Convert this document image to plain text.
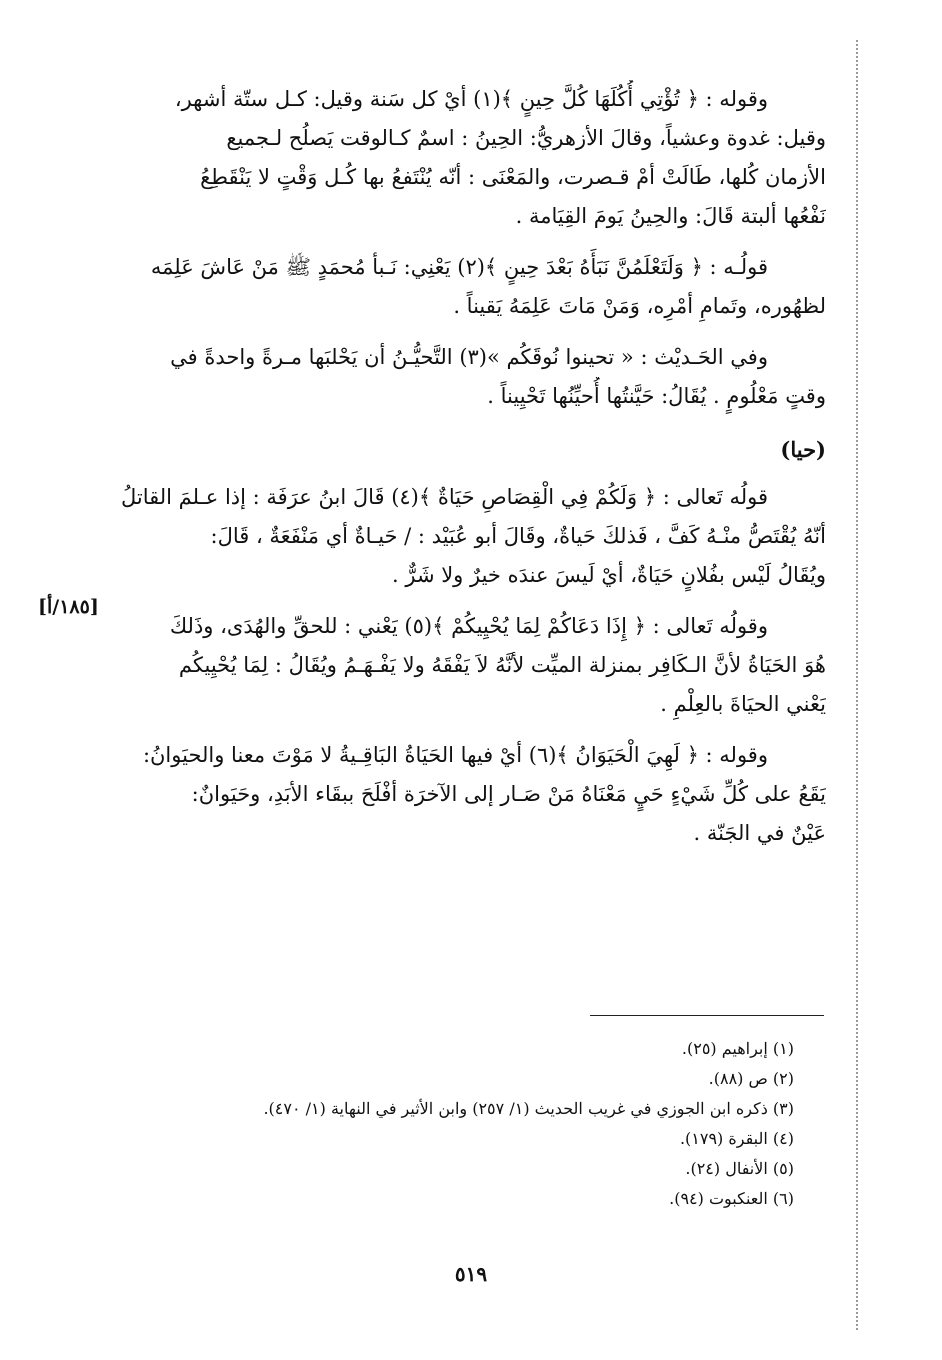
وقوله : ﴿ تُؤْتِي أُكُلَهَا كُلَّ حِينٍ ﴾(١) أيْ كل سَنة وقيل: كـل ستّة أشهر،
وقيل: غدوة وعشياً، وقالَ الأزهريُّ: الحِينُ : اسمٌ كـالوقت يَصلُح لـجميع
الأزمان كُلها، طَالَتْ أمْ قـصرت، والمَعْنَى : أنّه يُنْتَفعُ بها كُـل وَقْتٍ لا يَنْقَطِعُ
نَفْعُها ألبتة قَالَ: والحِينُ يَومَ القِيَامة .
قولُـه : ﴿ وَلَتَعْلَمُنَّ نَبَأَهُ بَعْدَ حِينٍ ﴾(٢) يَعْنِي: نَـبأ مُحمَدٍ ﷺ مَنْ عَاشَ عَلِمَه
لظهُوره، وتَمامِ أمْرِه، وَمَنْ مَاتَ عَلِمَهُ يَقيناً .
وفي الحَـديْث : « تحينوا نُوقَكُم »(٣) التَّحيُّـنُ أن يَحْلبَها مـرةً واحدةً في
وقتٍ مَعْلُومٍ . يُقَالُ: حَيَّنتُها أُحيِّنُها تَحْيِيناً .
(حيا)
قولُه تَعالى : ﴿ وَلَكُمْ فِي الْقِصَاصِ حَيَاةٌ ﴾(٤) قَالَ ابنُ عرَفَة : إذا عـلمَ القاتلُ
أنّهُ يُقْتَصُّ منْـهُ كَفَّ ، فَذلكَ حَياةٌ، وقَالَ أبو عُبَيْد : / حَيـاةٌ أي مَنْفَعَةٌ ، قَالَ:
ويُقَالُ لَيْس بفُلانٍ حَيَاةٌ، أيْ لَيسَ عندَه خيرٌ ولا شَرٌّ .
وقولُه تَعالى : ﴿ إِذَا دَعَاكُمْ لِمَا يُحْيِيكُمْ ﴾(٥) يَعْني : للحقِّ والهُدَى، وذَلكَ
هُوَ الحَيَاةُ لأنَّ الـكَافِر بمنزلة الميِّت لأنَّهُ لاَ يَفْقَهُ ولا يَفْـهَـمُ ويُقَالُ : لِمَا يُحْيِيكُم
يَعْني الحيَاةَ بالعِلْمِ .
وقوله : ﴿ لَهِيَ الْحَيَوَانُ ﴾(٦) أيْ فيها الحَيَاةُ البَاقِـيةُ لا مَوْتَ معنا والحيَوانُ:
يَقَعُ على كُلِّ شَيْءٍ حَيٍ مَعْنَاهُ مَنْ صَـار إلى الآخرَة أفْلَحَ ببقَاء الأبَدِ، وحَيَوانٌ:
عَيْنٌ في الجَنّة .
[١٨٥/أ]
(١) إبراهيم (٢٥).
(٢) ص (٨٨).
(٣) ذكره ابن الجوزي في غريب الحديث (١/ ٢٥٧) وابن الأثير في النهاية (١/ ٤٧٠).
(٤) البقرة (١٧٩).
(٥) الأنفال (٢٤).
(٦) العنكبوت (٩٤).
٥١٩
